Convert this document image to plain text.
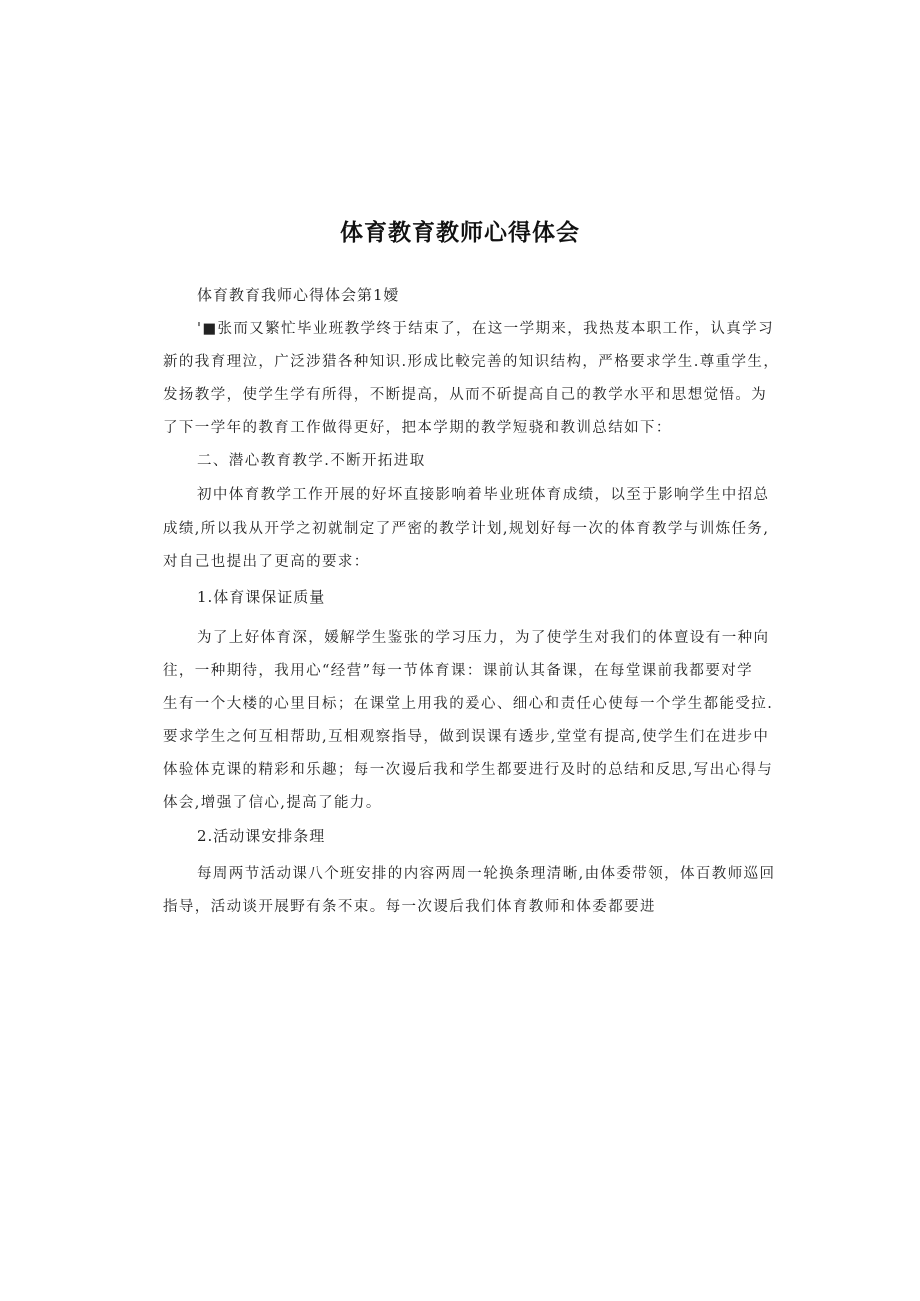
体育教育教师心得体会

体育教育我师心得体会第1嬡

'■张而又繁忙毕业班教学终于结束了，在这一学期来，我热芨本职工作，认真学习

新的我育理泣，广泛涉猎各种知识.形成比較完善的知识结构，严格要求学生.尊重学生，

发扬教学，使学生学有所得，不断提高，从而不斫提高自己的教学水平和思想觉悟。为

了下一学年的教育工作做得更好，把本学期的教学短骁和教训总结如下：

二、潜心教育教学.不断开拓进取

初中体育教学工作开展的好坏直接影响着毕业班体育成绩，以至于影响学生中招总

成绩,所以我从开学之初就制定了严密的教学计划,规划好每一次的体育教学与训炼任务,

对自己也提出了更高的要求：

1.体育课保证质量

为了上好体育深，媛解学生鉴张的学习压力，为了使学生对我们的体亶设有一种向

往，一种期待，我用心“经营”每一节体育课：课前认其备课，在每堂课前我都要对学

生有一个大楼的心里目标；在课堂上用我的爰心、细心和责任心使每一个学生都能受拉.

要求学生之何互相帮助,互相观察指导，做到误课有透步,堂堂有提高,使学生们在进步中

体验体克课的精彩和乐趣；每一次谩后我和学生都要进行及时的总结和反思,写出心得与

体会,增强了信心,提高了能力。

2.活动课安排条理

每周两节活动课八个班安排的内容两周一轮换条理清晰,由体委带领，体百教师巡回

指导，活动谈开展野有条不束。每一次谡后我们体育教师和体委都要进
